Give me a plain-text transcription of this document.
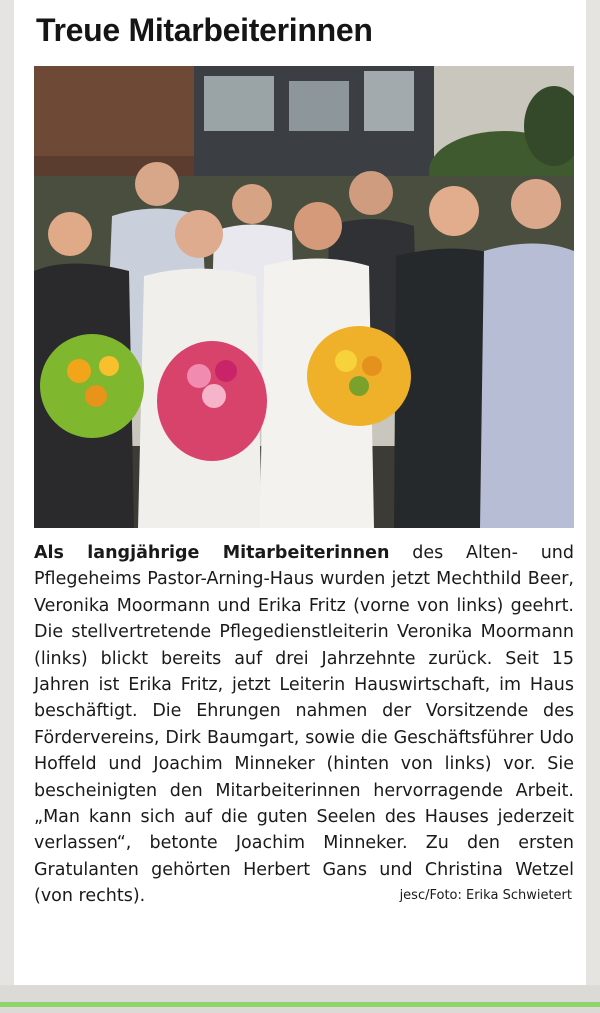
Treue Mitarbeiterinnen

Als langjährige Mitarbeiterinnen des Alten- und Pflegeheims Pastor-Arning-Haus wurden jetzt Mechthild Beer, Veronika Moormann und Erika Fritz (vorne von links) geehrt. Die stellvertretende Pflegedienstleiterin Veronika Moormann (links) blickt bereits auf drei Jahrzehnte zurück. Seit 15 Jahren ist Erika Fritz, jetzt Leiterin Hauswirtschaft, im Haus beschäftigt. Die Ehrungen nahmen der Vorsitzende des Fördervereins, Dirk Baumgart, sowie die Geschäftsführer Udo Hoffeld und Joachim Minneker (hinten von links) vor. Sie bescheinigten den Mitarbeiterinnen hervorragende Arbeit. „Man kann sich auf die guten Seelen des Hauses jederzeit verlassen“, betonte Joachim Minneker. Zu den ersten Gratulanten gehörten Herbert Gans und Christina Wetzel (von rechts).	jesc/Foto: Erika Schwietert
